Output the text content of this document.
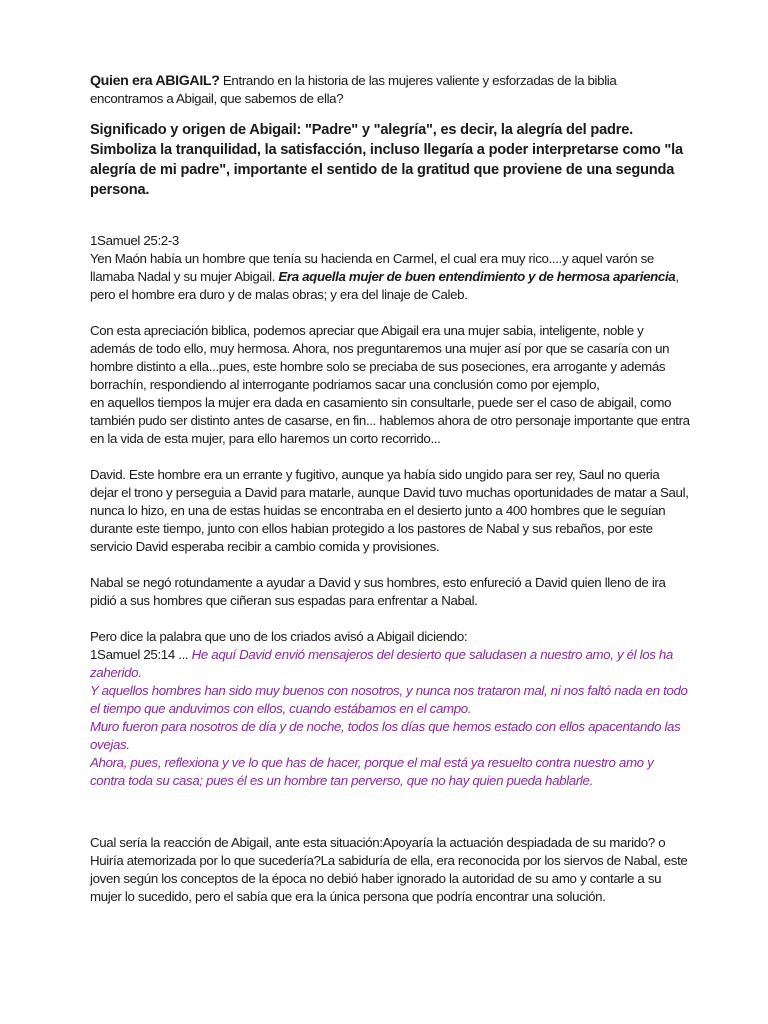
Quien era ABIGAIL? Entrando en la historia de las mujeres valiente y esforzadas de la biblia encontramos a Abigail, que sabemos de ella?

Significado y origen de Abigail: "Padre" y "alegría", es decir, la alegría del padre. Simboliza la tranquilidad, la satisfacción, incluso llegaría a poder interpretarse como "la alegría de mi padre", importante el sentido de la gratitud que proviene de una segunda persona.

1Samuel 25:2-3
Yen Maón había un hombre que tenía su hacienda en Carmel, el cual era muy rico....y aquel varón se llamaba Nadal y su mujer Abigail. Era aquella mujer de buen entendimiento y de hermosa apariencia, pero el hombre era duro y de malas obras; y era del linaje de Caleb.

Con esta apreciación biblica, podemos apreciar que Abigail era una mujer sabia, inteligente, noble y además de todo ello, muy hermosa. Ahora, nos preguntaremos una mujer así por que se casaría con un hombre distinto a ella...pues, este hombre solo se preciaba de sus poseciones, era arrogante y además borrachín, respondiendo al interrogante podriamos sacar una conclusión como por ejemplo,
en aquellos tiempos la mujer era dada en casamiento sin consultarle, puede ser el caso de abigail, como también pudo ser distinto antes de casarse, en fin... hablemos ahora de otro personaje importante que entra en la vida de esta mujer, para ello haremos un corto recorrido...

David. Este hombre era un errante y fugitivo, aunque ya había sido ungido para ser rey, Saul no queria dejar el trono y perseguia a David para matarle, aunque David tuvo muchas oportunidades de matar a Saul, nunca lo hizo, en una de estas huidas se encontraba en el desierto junto a 400 hombres que le seguían durante este tiempo, junto con ellos habian protegido a los pastores de Nabal y sus rebaños, por este servicio David esperaba recibir a cambio comida y provisiones.

Nabal se negó rotundamente a ayudar a David y sus hombres, esto enfureció a David quien lleno de ira pidió a sus hombres que ciñeran sus espadas para enfrentar a Nabal.

Pero dice la palabra que uno de los criados avisó a Abigail diciendo:
1Samuel 25:14 ... He aquí David envió mensajeros del desierto que saludasen a nuestro amo, y él los ha zaherido.
Y aquellos hombres han sido muy buenos con nosotros, y nunca nos trataron mal, ni nos faltó nada en todo el tiempo que anduvimos con ellos, cuando estábamos en el campo.
Muro fueron para nosotros de día y de noche, todos los días que hemos estado con ellos apacentando las ovejas.
Ahora, pues, reflexiona y ve lo que has de hacer, porque el mal está ya resuelto contra nuestro amo y contra toda su casa; pues él es un hombre tan perverso, que no hay quien pueda hablarle.

Cual sería la reacción de Abigail, ante esta situación:Apoyaría la actuación despiadada de su marido? o Huiría atemorizada por lo que sucedería?La sabiduría de ella, era reconocida por los siervos de Nabal, este joven según los conceptos de la época no debió haber ignorado la autoridad de su amo y contarle a su mujer lo sucedido, pero el sabía que era la única persona que podría encontrar una solución.
